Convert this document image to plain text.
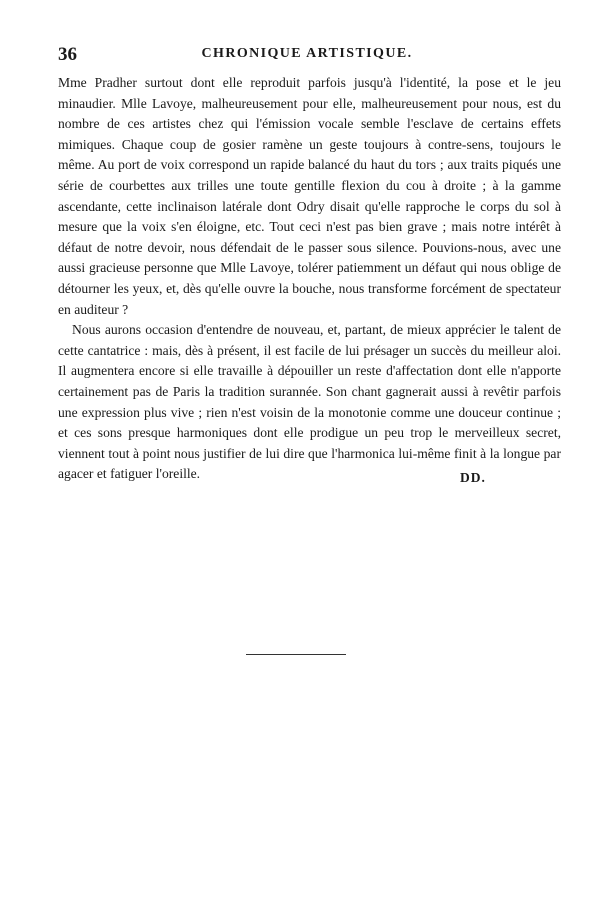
36	CHRONIQUE ARTISTIQUE.

Mme Pradher surtout dont elle reproduit parfois jusqu'à l'identité, la pose et le jeu minaudier. Mlle Lavoye, malheureusement pour elle, malheureusement pour nous, est du nombre de ces artistes chez qui l'émission vocale semble l'esclave de certains effets mimiques. Chaque coup de gosier ramène un geste toujours à contre-sens, toujours le même. Au port de voix correspond un rapide balancé du haut du tors ; aux traits piqués une série de courbettes aux trilles une toute gentille flexion du cou à droite ; à la gamme ascendante, cette inclinaison latérale dont Odry disait qu'elle rapproche le corps du sol à mesure que la voix s'en éloigne, etc. Tout ceci n'est pas bien grave ; mais notre intérêt à défaut de notre devoir, nous défendait de le passer sous silence. Pouvions-nous, avec une aussi gracieuse personne que Mlle Lavoye, tolérer patiemment un défaut qui nous oblige de détourner les yeux, et, dès qu'elle ouvre la bouche, nous transforme forcément de spectateur en auditeur ?

Nous aurons occasion d'entendre de nouveau, et, partant, de mieux apprécier le talent de cette cantatrice : mais, dès à présent, il est facile de lui présager un succès du meilleur aloi. Il augmentera encore si elle travaille à dépouiller un reste d'affectation dont elle n'apporte certainement pas de Paris la tradition surannée. Son chant gagnerait aussi à revêtir parfois une expression plus vive ; rien n'est voisin de la monotonie comme une douceur continue ; et ces sons presque harmoniques dont elle prodigue un peu trop le merveilleux secret, viennent tout à point nous justifier de lui dire que l'harmonica lui-même finit à la longue par agacer et fatiguer l'oreille.	DD.
